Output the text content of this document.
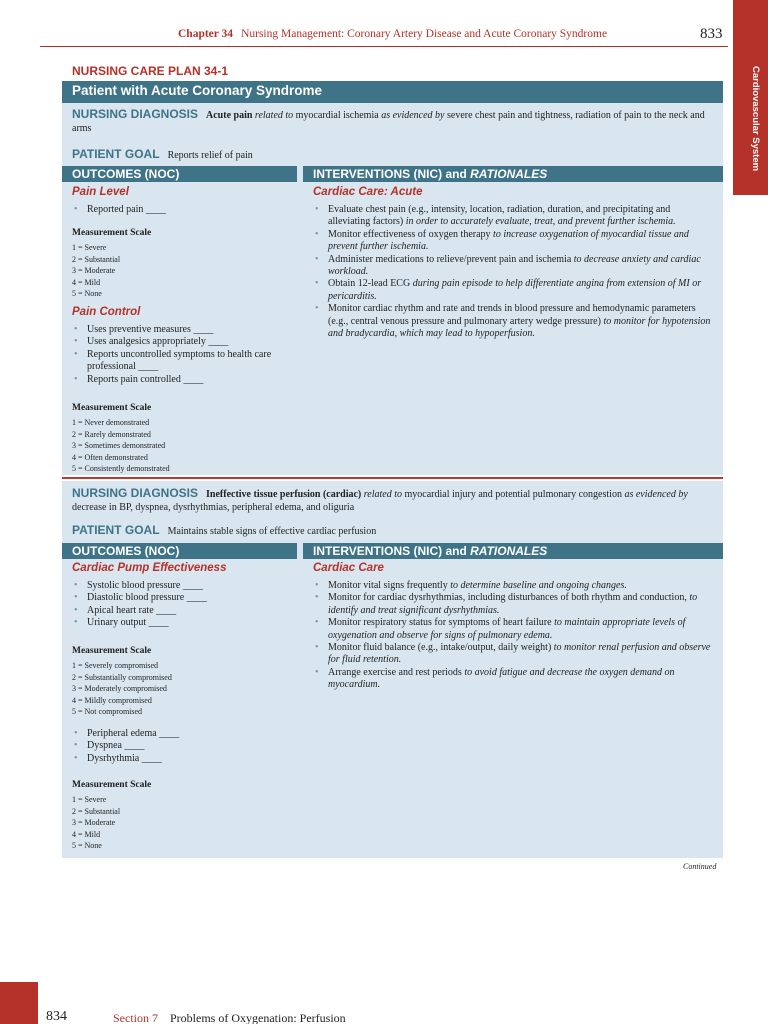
Chapter 34 Nursing Management: Coronary Artery Disease and Acute Coronary Syndrome	833
Cardiovascular System
NURSING CARE PLAN 34-1
Patient with Acute Coronary Syndrome
NURSING DIAGNOSIS Acute pain related to myocardial ischemia as evidenced by severe chest pain and tightness, radiation of pain to the neck and arms
PATIENT GOAL Reports relief of pain
OUTCOMES (NOC)	INTERVENTIONS (NIC) and RATIONALES
Pain Level
• Reported pain ____
Measurement Scale
1 = Severe
2 = Substantial
3 = Moderate
4 = Mild
5 = None
Pain Control
• Uses preventive measures ____
• Uses analgesics appropriately ____
• Reports uncontrolled symptoms to health care professional ____
• Reports pain controlled ____
Measurement Scale
1 = Never demonstrated
2 = Rarely demonstrated
3 = Sometimes demonstrated
4 = Often demonstrated
5 = Consistently demonstrated
Cardiac Care: Acute
• Evaluate chest pain (e.g., intensity, location, radiation, duration, and precipitating and alleviating factors) in order to accurately evaluate, treat, and prevent further ischemia.
• Monitor effectiveness of oxygen therapy to increase oxygenation of myocardial tissue and prevent further ischemia.
• Administer medications to relieve/prevent pain and ischemia to decrease anxiety and cardiac workload.
• Obtain 12-lead ECG during pain episode to help differentiate angina from extension of MI or pericarditis.
• Monitor cardiac rhythm and rate and trends in blood pressure and hemodynamic parameters (e.g., central venous pressure and pulmonary artery wedge pressure) to monitor for hypotension and bradycardia, which may lead to hypoperfusion.
NURSING DIAGNOSIS Ineffective tissue perfusion (cardiac) related to myocardial injury and potential pulmonary congestion as evidenced by decrease in BP, dyspnea, dysrhythmias, peripheral edema, and oliguria
PATIENT GOAL Maintains stable signs of effective cardiac perfusion
OUTCOMES (NOC)	INTERVENTIONS (NIC) and RATIONALES
Cardiac Pump Effectiveness
• Systolic blood pressure ____
• Diastolic blood pressure ____
• Apical heart rate ____
• Urinary output ____
Measurement Scale
1 = Severely compromised
2 = Substantially compromised
3 = Moderately compromised
4 = Mildly compromised
5 = Not compromised
• Peripheral edema ____
• Dyspnea ____
• Dysrhythmia ____
Measurement Scale
1 = Severe
2 = Substantial
3 = Moderate
4 = Mild
5 = None
Cardiac Care
• Monitor vital signs frequently to determine baseline and ongoing changes.
• Monitor for cardiac dysrhythmias, including disturbances of both rhythm and conduction, to identify and treat significant dysrhythmias.
• Monitor respiratory status for symptoms of heart failure to maintain appropriate levels of oxygenation and observe for signs of pulmonary edema.
• Monitor fluid balance (e.g., intake/output, daily weight) to monitor renal perfusion and observe for fluid retention.
• Arrange exercise and rest periods to avoid fatigue and decrease the oxygen demand on myocardium.
Continued
834	Section 7 Problems of Oxygenation: Perfusion
